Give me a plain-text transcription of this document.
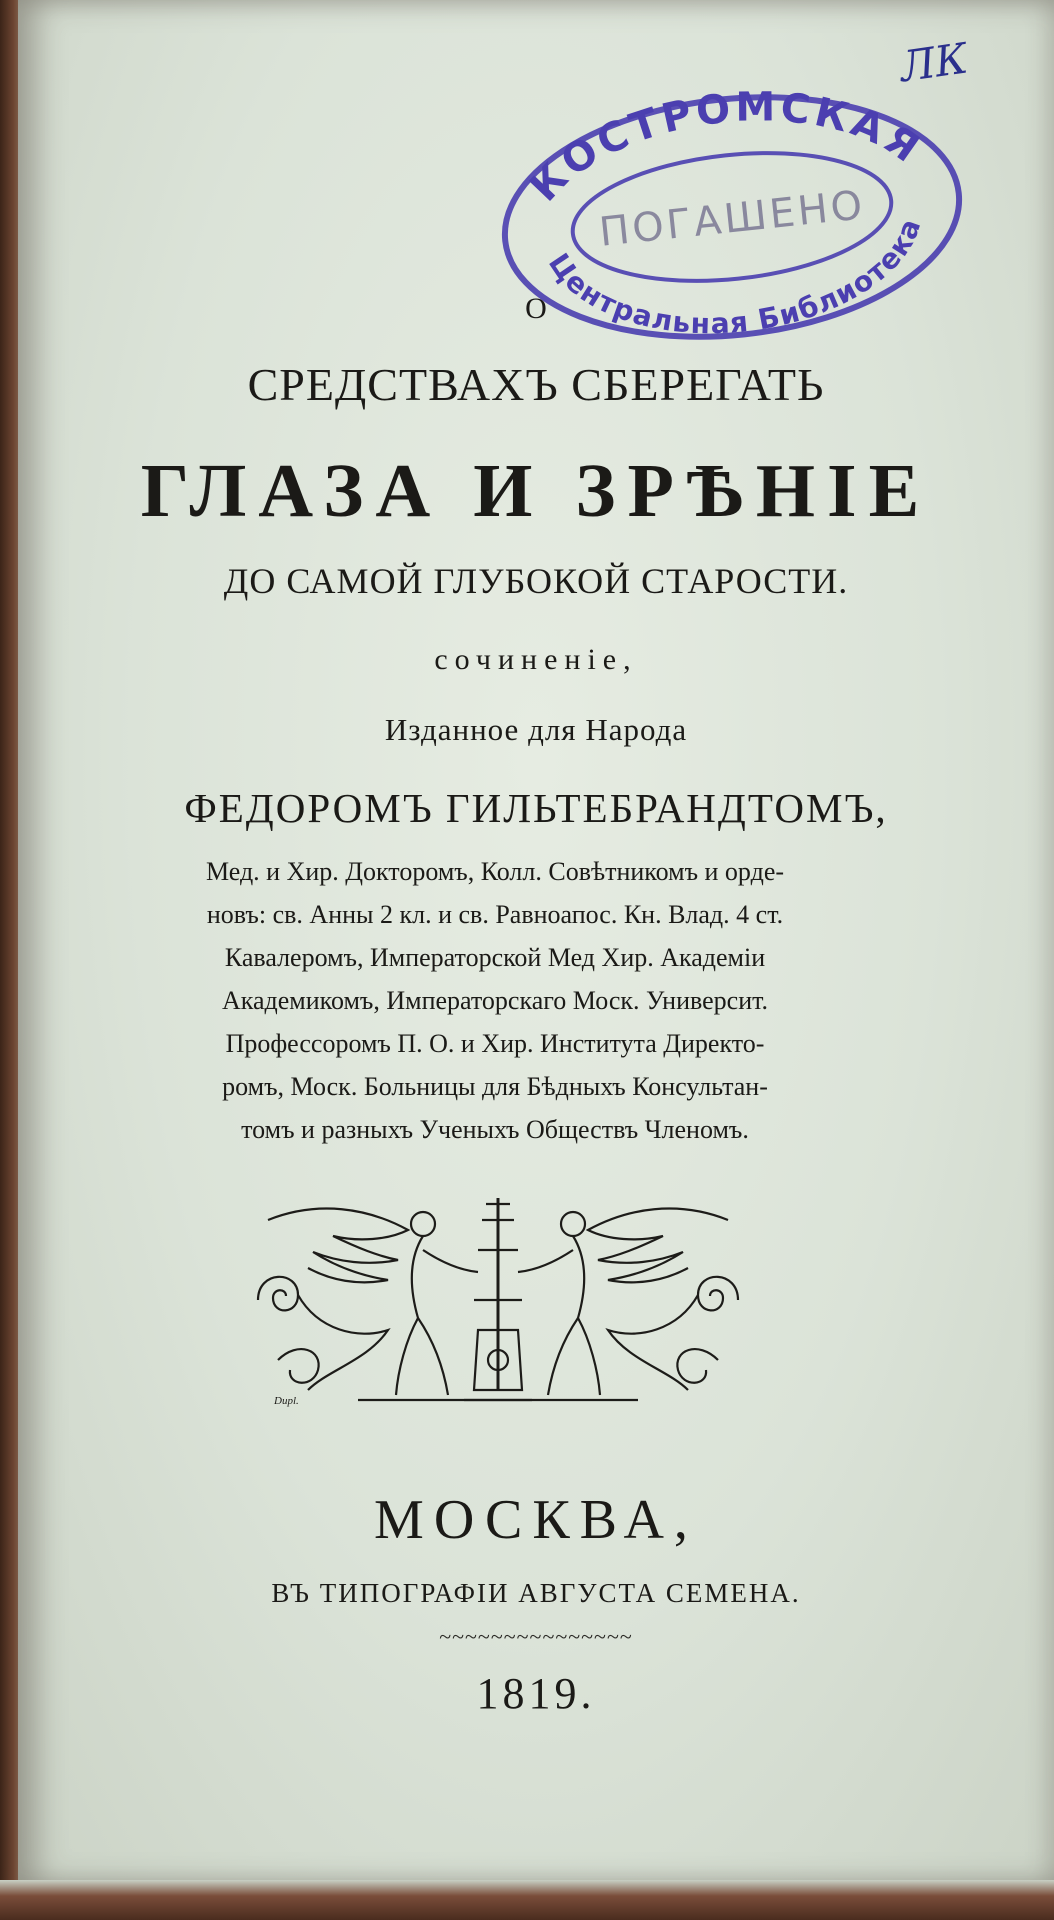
О
СРЕДСТВАХЪ СБЕРЕГАТЬ
ГЛАЗА И ЗРѢНІЕ
ДО САМОЙ ГЛУБОКОЙ СТАРОСТИ.
сочиненіе,
Изданное для Народа
ФЕДОРОМЪ ГИЛЬТЕБРАНДТОМЪ,
Мед. и Хир. Докторомъ, Колл. Совѣтникомъ и орде-
новъ: св. Анны 2 кл. и св. Равноапос. Кн. Влад. 4 ст.
Кавалеромъ, Императорской Мед Хир. Академіи
Академикомъ, Императорскаго Моск. Университ.
Профессоромъ П. О. и Хир. Института Директо-
ромъ, Моск. Больницы для Бѣдныхъ Консультан-
томъ и разныхъ Ученыхъ Обществъ Членомъ.
Dupl.
МОСКВА,
ВЪ ТИПОГРАФІИ АВГУСТА СЕМЕНА.
~~~~~~~~~~~~~~~
1819.
КОСТРОМСКАЯ
Центральная Библиотека
ПОГАШЕНО
ЛК
